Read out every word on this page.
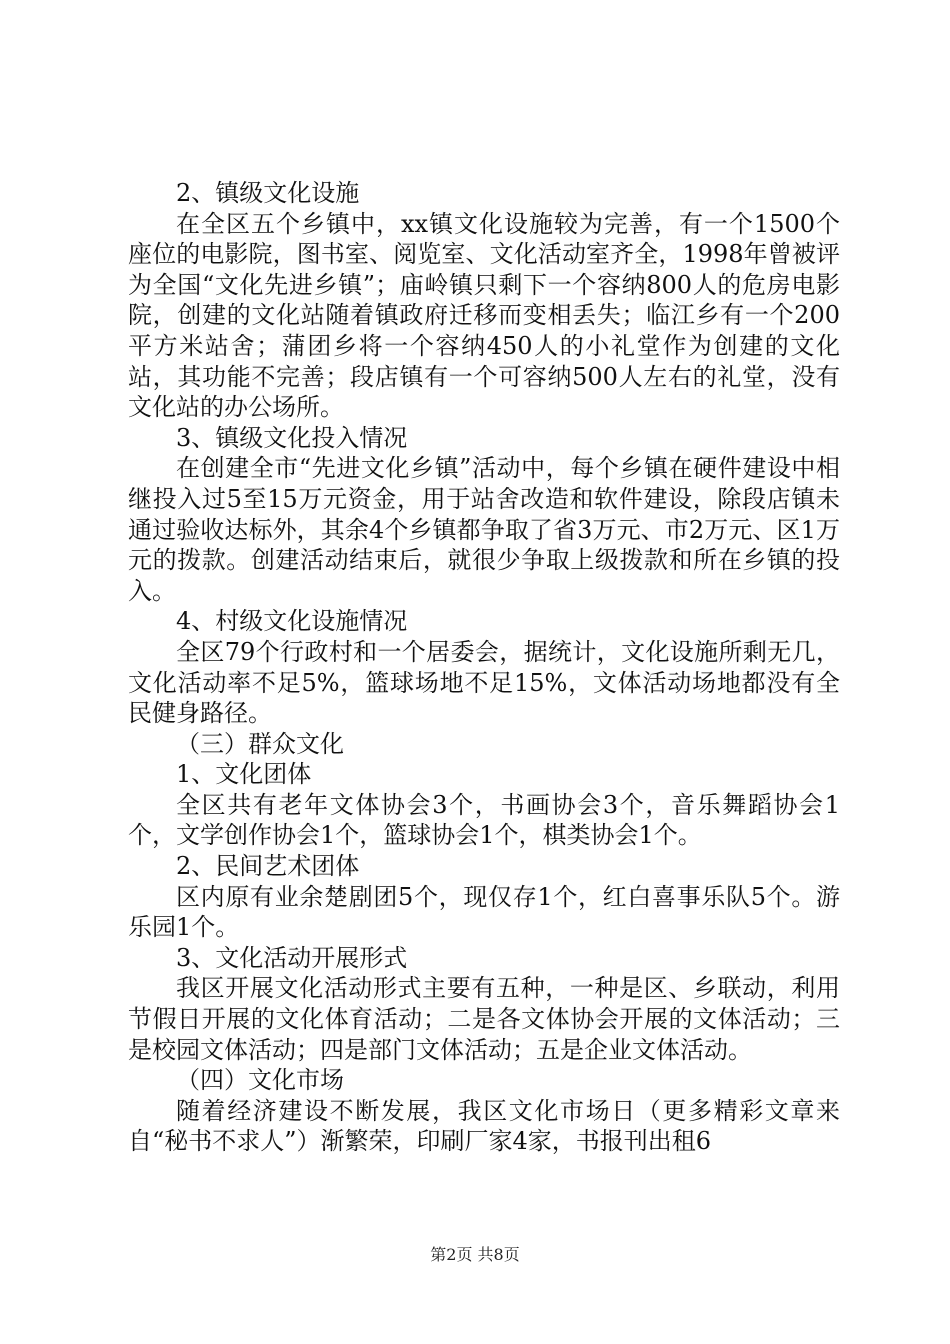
2、镇级文化设施

在全区五个乡镇中，xx镇文化设施较为完善，有一个1500个座位的电影院，图书室、阅览室、文化活动室齐全，1998年曾被评为全国“文化先进乡镇”；庙岭镇只剩下一个容纳800人的危房电影院，创建的文化站随着镇政府迁移而变相丢失；临江乡有一个200平方米站舍；蒲团乡将一个容纳450人的小礼堂作为创建的文化站，其功能不完善；段店镇有一个可容纳500人左右的礼堂，没有文化站的办公场所。

3、镇级文化投入情况

在创建全市“先进文化乡镇”活动中，每个乡镇在硬件建设中相继投入过5至15万元资金，用于站舍改造和软件建设，除段店镇未通过验收达标外，其余4个乡镇都争取了省3万元、市2万元、区1万元的拨款。创建活动结束后，就很少争取上级拨款和所在乡镇的投入。

4、村级文化设施情况

全区79个行政村和一个居委会，据统计，文化设施所剩无几，文化活动率不足5%，篮球场地不足15%，文体活动场地都没有全民健身路径。

（三）群众文化

1、文化团体

全区共有老年文体协会3个，书画协会3个，音乐舞蹈协会1个，文学创作协会1个，篮球协会1个，棋类协会1个。

2、民间艺术团体

区内原有业余楚剧团5个，现仅存1个，红白喜事乐队5个。游乐园1个。

3、文化活动开展形式

我区开展文化活动形式主要有五种，一种是区、乡联动，利用节假日开展的文化体育活动；二是各文体协会开展的文体活动；三是校园文体活动；四是部门文体活动；五是企业文体活动。

（四）文化市场

随着经济建设不断发展，我区文化市场日（更多精彩文章来自“秘书不求人”）渐繁荣，印刷厂家4家，书报刊出租6

第2页 共8页
